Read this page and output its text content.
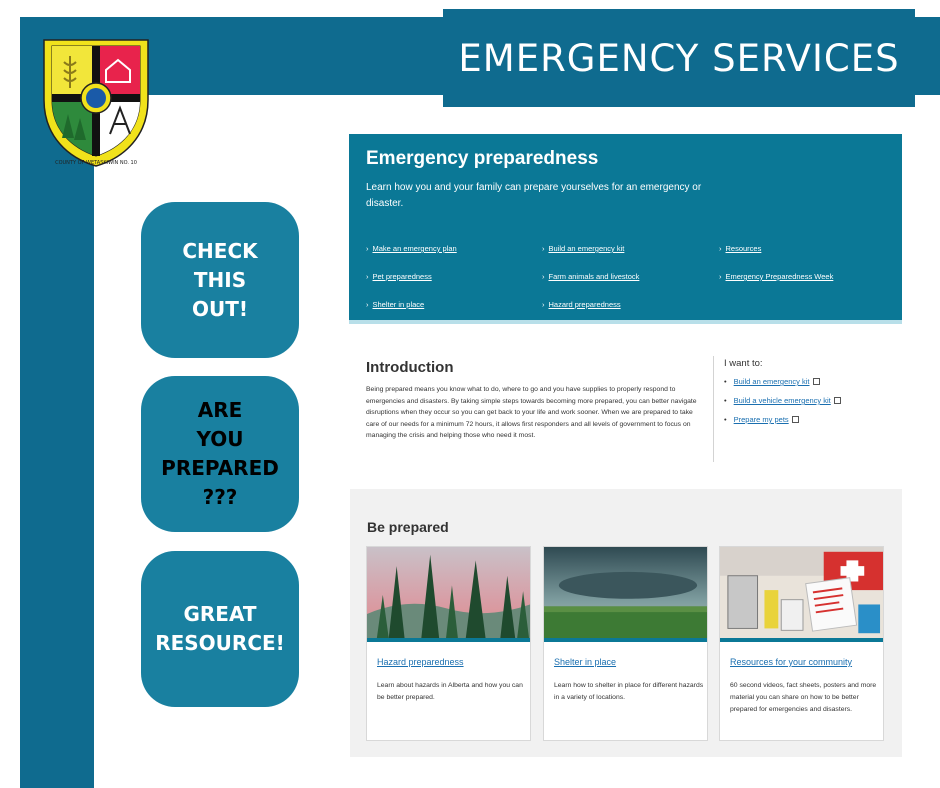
EMERGENCY SERVICES
COUNTY OF WETASKIWIN NO. 10
CHECK
THIS
OUT!
ARE
YOU
PREPARED
???
GREAT
RESOURCE!
Emergency preparedness

Learn how you and your family can prepare yourselves for an emergency or disaster.

› Make an emergency plan	› Build an emergency kit	› Resources
› Pet preparedness	› Farm animals and livestock	› Emergency Preparedness Week
› Shelter in place	› Hazard preparedness
Introduction

Being prepared means you know what to do, where to go and you have supplies to properly respond to emergencies and disasters. By taking simple steps towards becoming more prepared, you can better navigate disruptions when they occur so you can get back to your life and work sooner. When we are prepared to take care of our needs for a minimum 72 hours, it allows first responders and all levels of government to focus on managing the crisis and helping those who need it most.

I want to:
• Build an emergency kit
• Build a vehicle emergency kit
• Prepare my pets
Be prepared
Hazard preparedness
Learn about hazards in Alberta and how you can be better prepared.
Shelter in place
Learn how to shelter in place for different hazards in a variety of locations.
Resources for your community
60 second videos, fact sheets, posters and more material you can share on how to be better prepared for emergencies and disasters.
